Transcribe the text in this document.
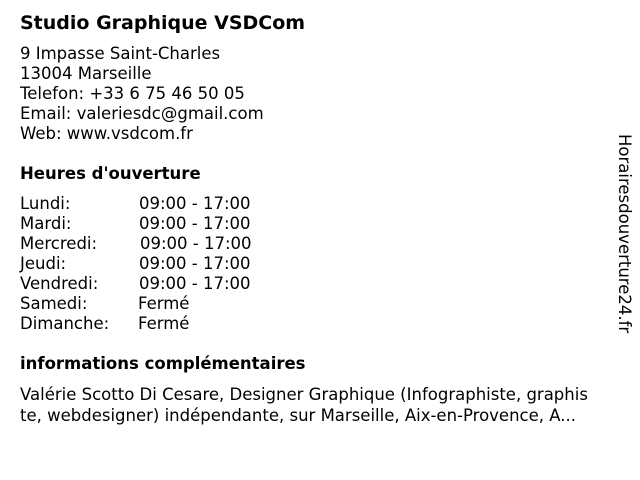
Studio Graphique VSDCom
9 Impasse Saint-Charles
13004 Marseille
Telefon: +33 6 75 46 50 05
Email: valeriesdc@gmail.com
Web: www.vsdcom.fr
Heures d'ouverture
Lundi:	09:00 - 17:00
Mardi:	09:00 - 17:00
Mercredi:	09:00 - 17:00
Jeudi:	09:00 - 17:00
Vendredi: 09:00 - 17:00
Samedi:	Fermé
Dimanche: Fermé
informations complémentaires
Valérie Scotto Di Cesare, Designer Graphique (Infographiste, graphis
te, webdesigner) indépendante, sur Marseille, Aix-en-Provence, A...
Horairesdouverture24.fr
